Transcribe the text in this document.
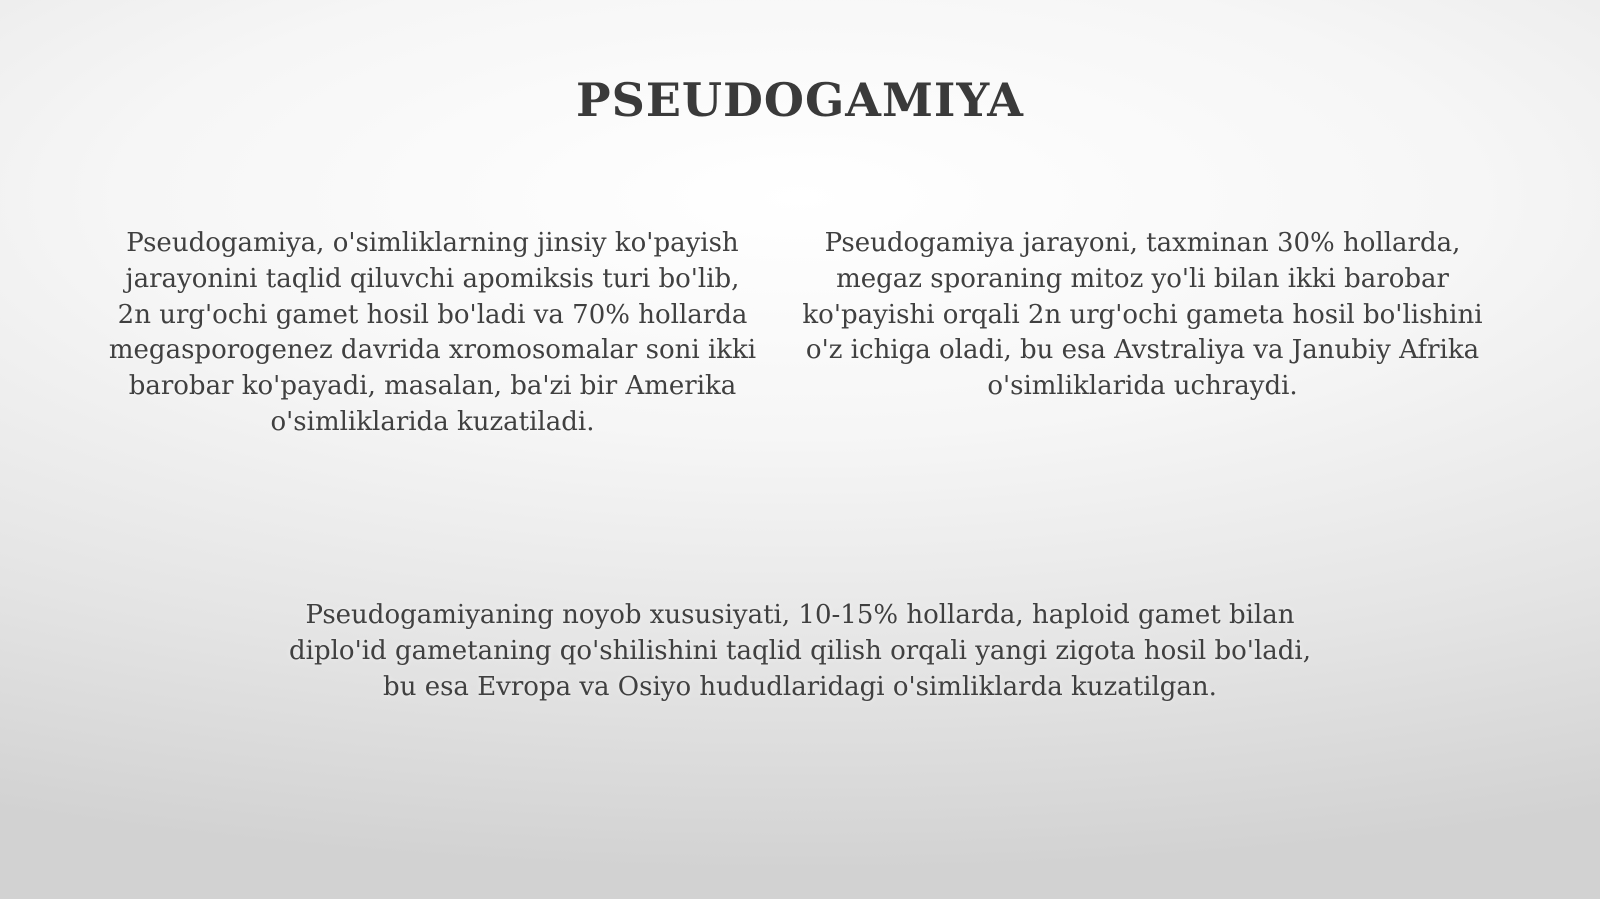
PSEUDOGAMIYA

Pseudogamiya, o'simliklarning jinsiy ko'payish jarayonini taqlid qiluvchi apomiksis turi bo'lib, 2n urg'ochi gamet hosil bo'ladi va 70% hollarda megasporogenez davrida xromosomalar soni ikki barobar ko'payadi, masalan, ba'zi bir Amerika o'simliklarida kuzatiladi.

Pseudogamiya jarayoni, taxminan 30% hollarda, megaz sporaning mitoz yo'li bilan ikki barobar ko'payishi orqali 2n urg'ochi gameta hosil bo'lishini o'z ichiga oladi, bu esa Avstraliya va Janubiy Afrika o'simliklarida uchraydi.

Pseudogamiyaning noyob xususiyati, 10-15% hollarda, haploid gamet bilan diplo'id gametaning qo'shilishini taqlid qilish orqali yangi zigota hosil bo'ladi, bu esa Evropa va Osiyo hududlaridagi o'simliklarda kuzatilgan.
